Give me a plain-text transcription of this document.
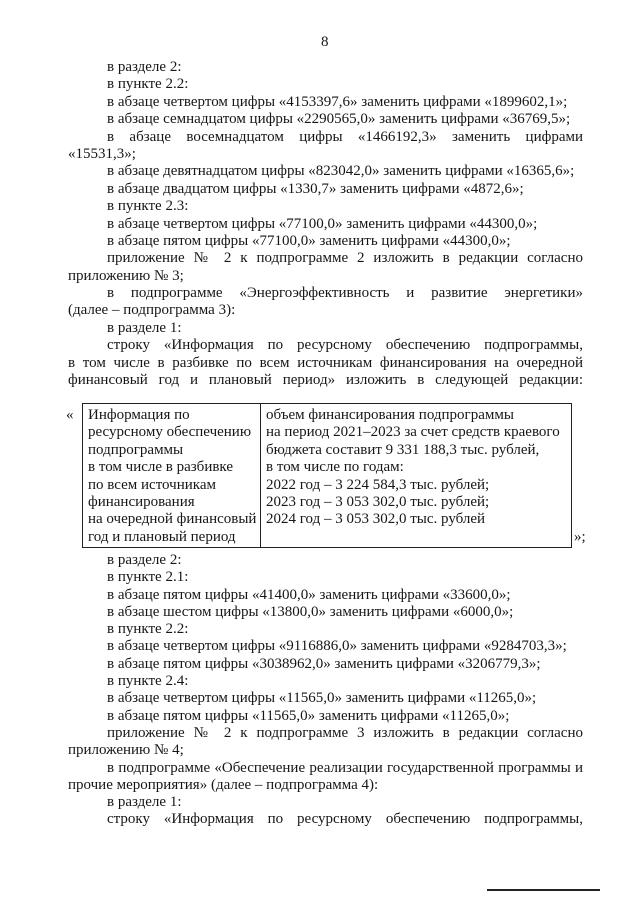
8
в разделе 2:
в пункте 2.2:
в абзаце четвертом цифры «4153397,6» заменить цифрами «1899602,1»;
в абзаце семнадцатом цифры «2290565,0» заменить цифрами «36769,5»;
в абзаце восемнадцатом цифры «1466192,3» заменить цифрами
«15531,3»;
в абзаце девятнадцатом цифры «823042,0» заменить цифрами «16365,6»;
в абзаце двадцатом цифры «1330,7» заменить цифрами «4872,6»;
в пункте 2.3:
в абзаце четвертом цифры «77100,0» заменить цифрами «44300,0»;
в абзаце пятом цифры «77100,0» заменить цифрами «44300,0»;
приложение № 2 к подпрограмме 2 изложить в редакции согласно
приложению № 3;
в подпрограмме «Энергоэффективность и развитие энергетики»
(далее – подпрограмма 3):
в разделе 1:
строку «Информация по ресурсному обеспечению подпрограммы,
в том числе в разбивке по всем источникам финансирования на очередной
финансовый год и плановый период» изложить в следующей редакции:
« Информация по
ресурсному обеспечению
подпрограммы
в том числе в разбивке
по всем источникам
финансирования
на очередной финансовый
год и плановый период
объем финансирования подпрограммы
на период 2021–2023 за счет средств краевого
бюджета составит 9 331 188,3 тыс. рублей,
в том числе по годам:
2022 год – 3 224 584,3 тыс. рублей;
2023 год – 3 053 302,0 тыс. рублей;
2024 год – 3 053 302,0 тыс. рублей
»;
в разделе 2:
в пункте 2.1:
в абзаце пятом цифры «41400,0» заменить цифрами «33600,0»;
в абзаце шестом цифры «13800,0» заменить цифрами «6000,0»;
в пункте 2.2:
в абзаце четвертом цифры «9116886,0» заменить цифрами «9284703,3»;
в абзаце пятом цифры «3038962,0» заменить цифрами «3206779,3»;
в пункте 2.4:
в абзаце четвертом цифры «11565,0» заменить цифрами «11265,0»;
в абзаце пятом цифры «11565,0» заменить цифрами «11265,0»;
приложение № 2 к подпрограмме 3 изложить в редакции согласно
приложению № 4;
в подпрограмме «Обеспечение реализации государственной программы и
прочие мероприятия» (далее – подпрограмма 4):
в разделе 1:
строку «Информация по ресурсному обеспечению подпрограммы,
